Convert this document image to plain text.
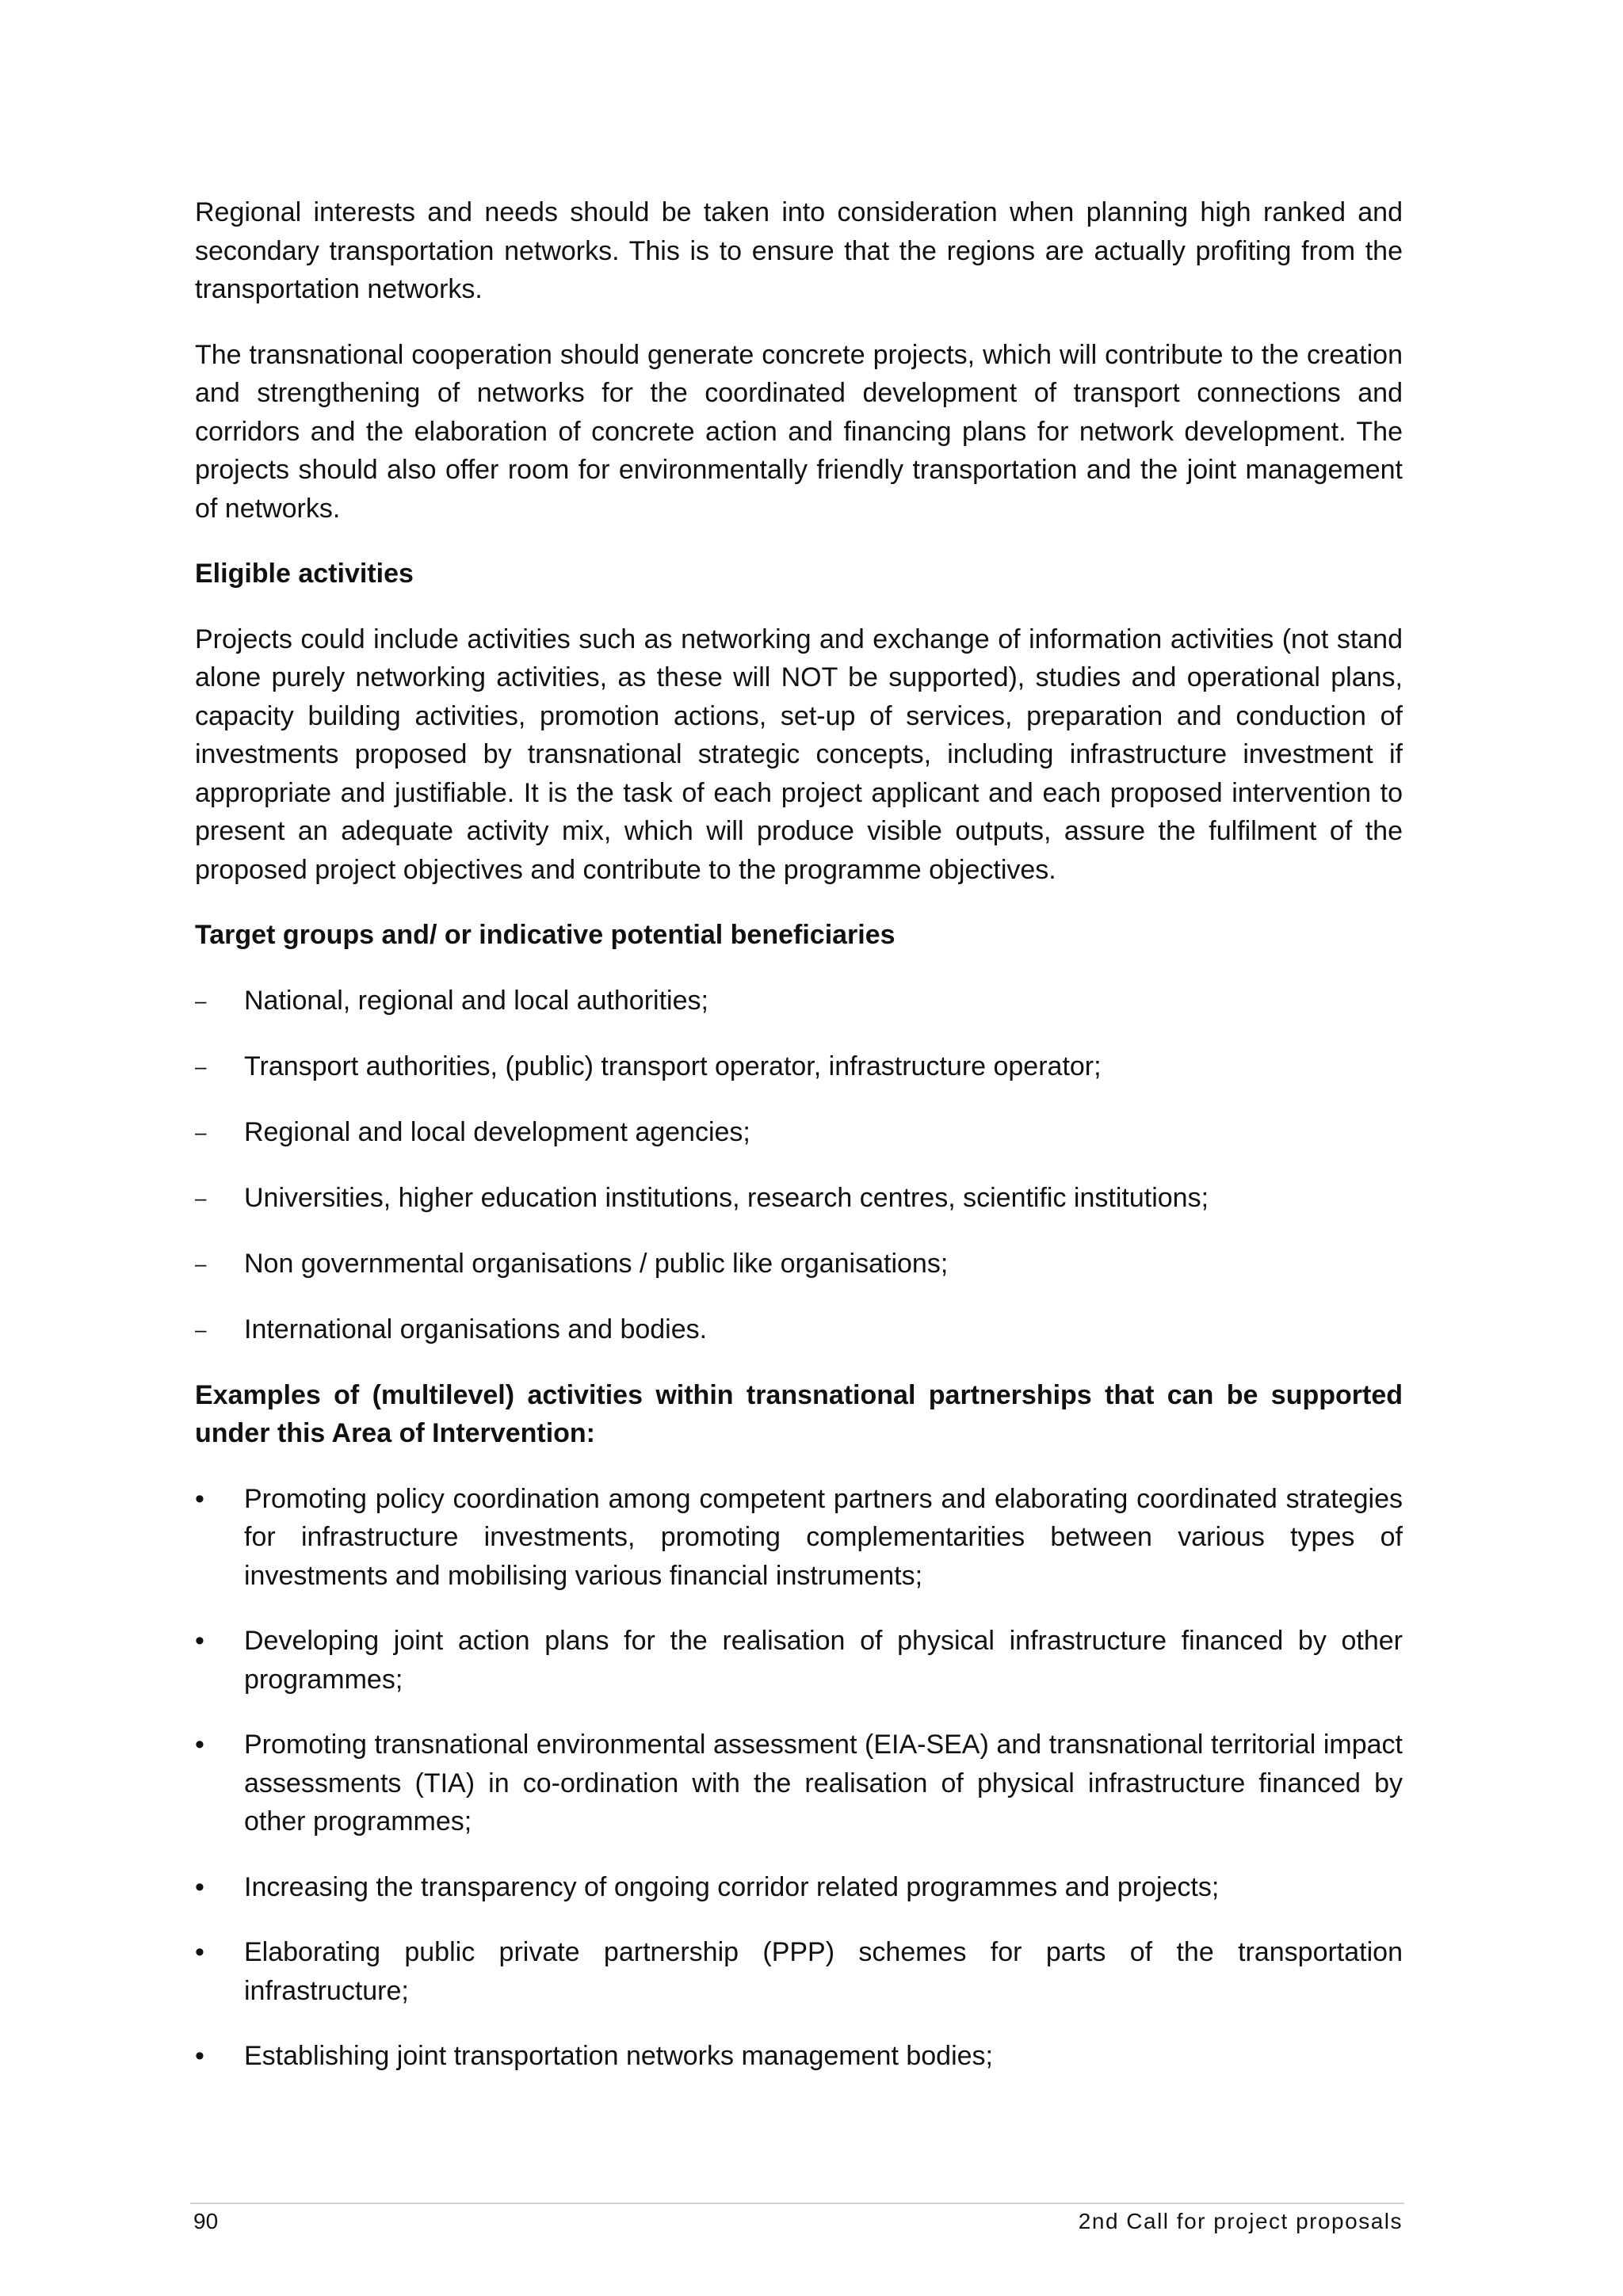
Regional interests and needs should be taken into consideration when planning high ranked and secondary transportation networks. This is to ensure that the regions are actually profiting from the transportation networks.

The transnational cooperation should generate concrete projects, which will contribute to the creation and strengthening of networks for the coordinated development of transport connections and corridors and the elaboration of concrete action and financing plans for network development. The projects should also offer room for environmentally friendly transportation and the joint management of networks.

Eligible activities

Projects could include activities such as networking and exchange of information activities (not stand alone purely networking activities, as these will NOT be supported), studies and operational plans, capacity building activities, promotion actions, set-up of services, preparation and conduction of investments proposed by transnational strategic concepts, including infrastructure investment if appropriate and justifiable. It is the task of each project applicant and each proposed intervention to present an adequate activity mix, which will produce visible outputs, assure the fulfilment of the proposed project objectives and contribute to the programme objectives.

Target groups and/ or indicative potential beneficiaries
– National, regional and local authorities;
– Transport authorities, (public) transport operator, infrastructure operator;
– Regional and local development agencies;
– Universities, higher education institutions, research centres, scientific institutions;
– Non governmental organisations / public like organisations;
– International organisations and bodies.
Examples of (multilevel) activities within transnational partnerships that can be supported under this Area of Intervention:
• Promoting policy coordination among competent partners and elaborating coordinated strategies for infrastructure investments, promoting complementarities between various types of investments and mobilising various financial instruments;
• Developing joint action plans for the realisation of physical infrastructure financed by other programmes;
• Promoting transnational environmental assessment (EIA-SEA) and transnational territorial impact assessments (TIA) in co-ordination with the realisation of physical infrastructure financed by other programmes;
• Increasing the transparency of ongoing corridor related programmes and projects;
• Elaborating public private partnership (PPP) schemes for parts of the transportation infrastructure;
• Establishing joint transportation networks management bodies;
90	2nd Call for project proposals
